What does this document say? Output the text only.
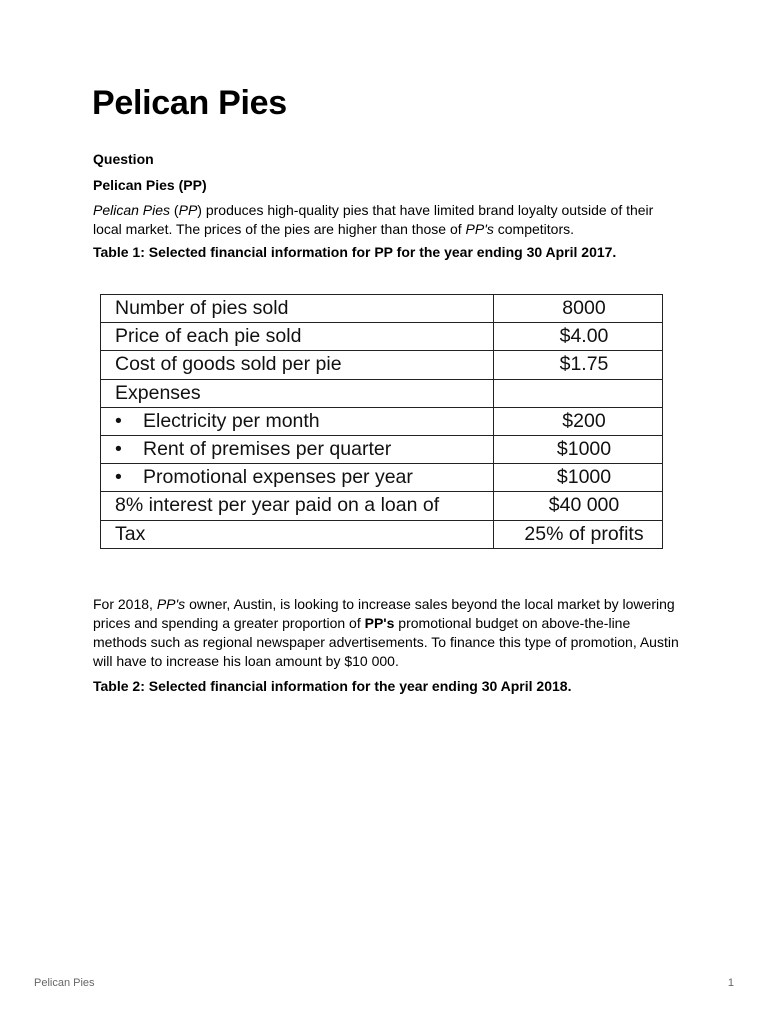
Pelican Pies

Question

Pelican Pies (PP)

Pelican Pies (PP) produces high-quality pies that have limited brand loyalty outside of their local market. The prices of the pies are higher than those of PP's competitors.

Table 1: Selected financial information for PP for the year ending 30 April 2017.

Number of pies sold	8000
Price of each pie sold	$4.00
Cost of goods sold per pie	$1.75
Expenses	
• Electricity per month	$200
• Rent of premises per quarter	$1000
• Promotional expenses per year	$1000
8% interest per year paid on a loan of	$40 000
Tax	25% of profits

For 2018, PP's owner, Austin, is looking to increase sales beyond the local market by lowering prices and spending a greater proportion of PP's promotional budget on above-the-line methods such as regional newspaper advertisements. To finance this type of promotion, Austin will have to increase his loan amount by $10 000.

Table 2: Selected financial information for the year ending 30 April 2018.

Pelican Pies	1
